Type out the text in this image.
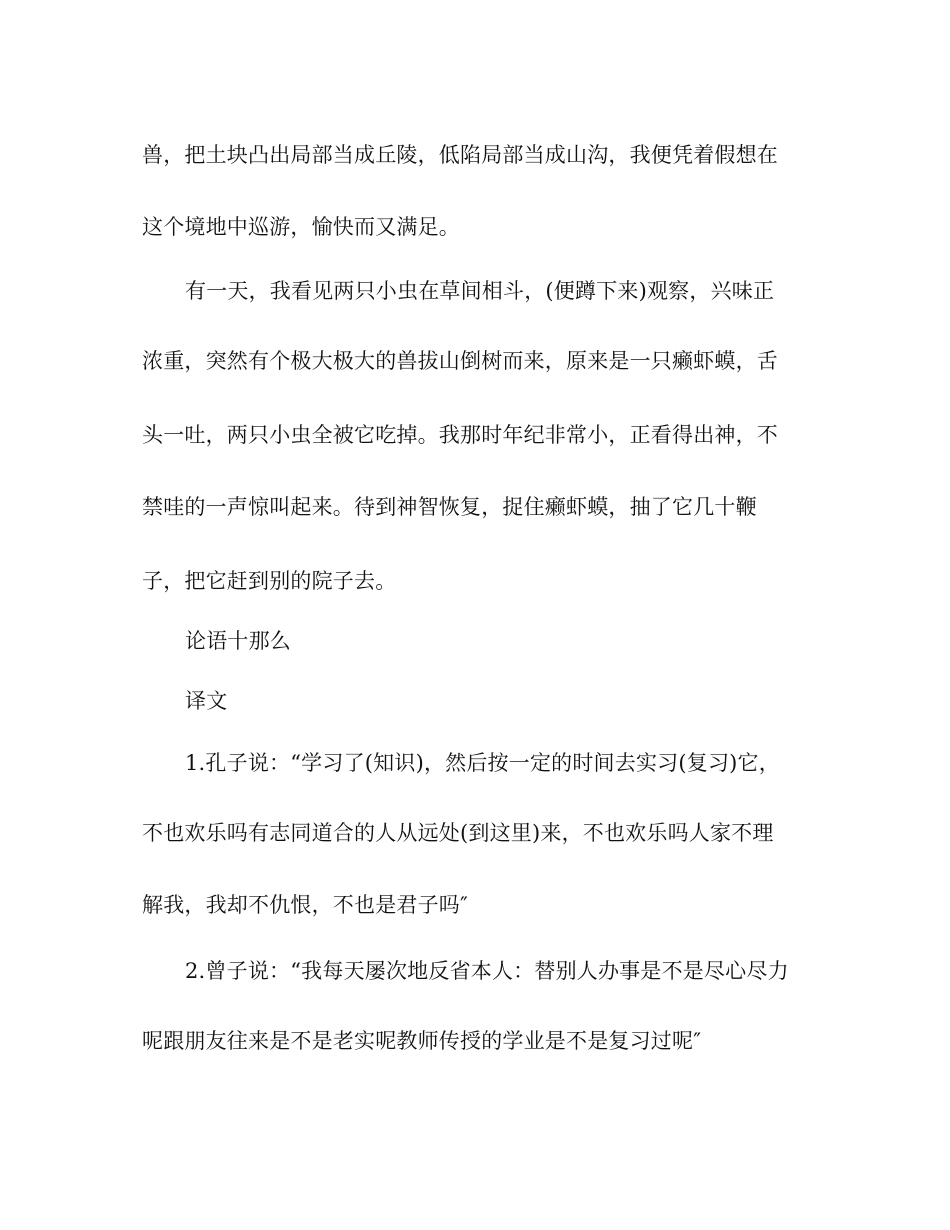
兽，把土块凸出局部当成丘陵，低陷局部当成山沟，我便凭着假想在
这个境地中巡游，愉快而又满足。
有一天，我看见两只小虫在草间相斗，(便蹲下来)观察，兴味正
浓重，突然有个极大极大的兽拔山倒树而来，原来是一只癞虾蟆，舌
头一吐，两只小虫全被它吃掉。我那时年纪非常小，正看得出神，不
禁哇的一声惊叫起来。待到神智恢复，捉住癞虾蟆，抽了它几十鞭
子，把它赶到别的院子去。
论语十那么
译文
1.孔子说：“学习了(知识)，然后按一定的时间去实习(复习)它，
不也欢乐吗有志同道合的人从远处(到这里)来，不也欢乐吗人家不理
解我，我却不仇恨，不也是君子吗″
2.曾子说：“我每天屡次地反省本人：替别人办事是不是尽心尽力
呢跟朋友往来是不是老实呢教师传授的学业是不是复习过呢″
